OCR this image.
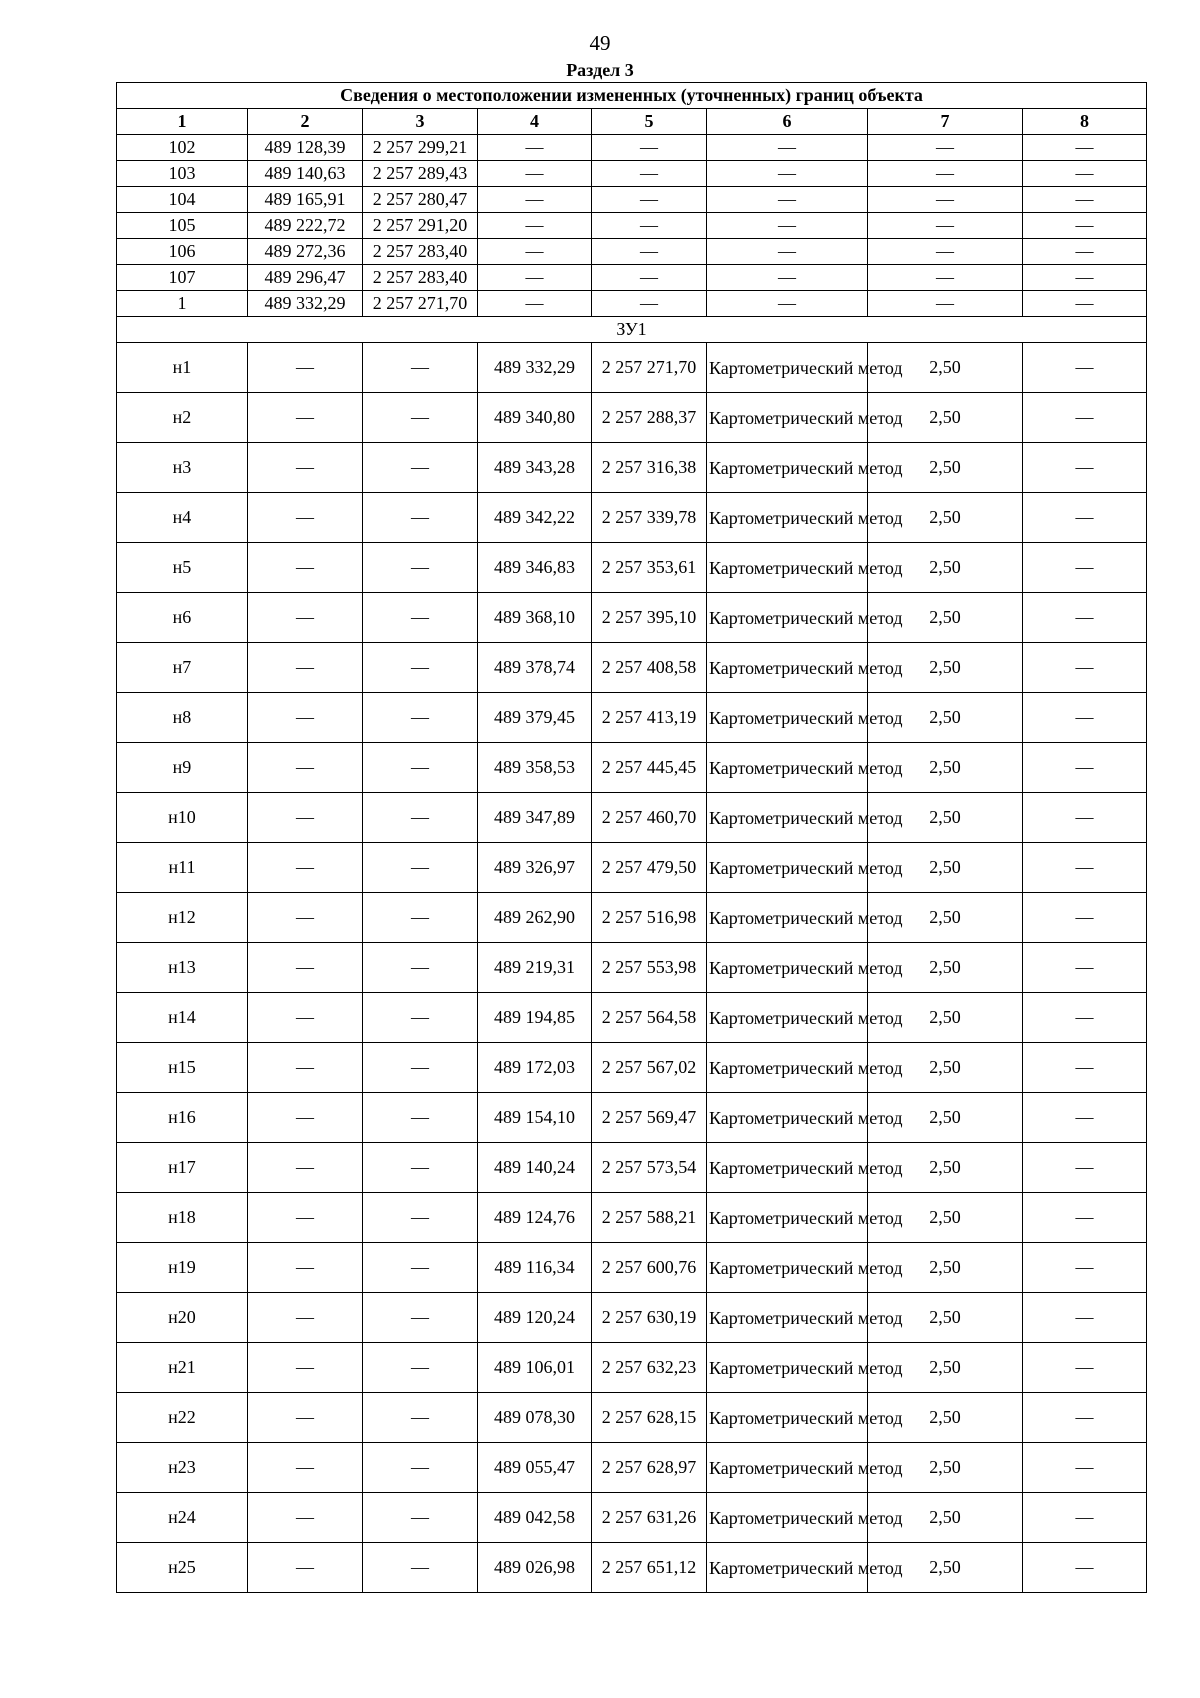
49
Раздел 3
Сведения о местоположении измененных (уточненных) границ объекта							
1	2	3	4	5	6	7	8
102	489 128,39	2 257 299,21	—	—	—	—	—
103	489 140,63	2 257 289,43	—	—	—	—	—
104	489 165,91	2 257 280,47	—	—	—	—	—
105	489 222,72	2 257 291,20	—	—	—	—	—
106	489 272,36	2 257 283,40	—	—	—	—	—
107	489 296,47	2 257 283,40	—	—	—	—	—
1	489 332,29	2 257 271,70	—	—	—	—	—
ЗУ1							
н1	—	—	489 332,29	2 257 271,70	Картометрический метод	2,50	—
н2	—	—	489 340,80	2 257 288,37	Картометрический метод	2,50	—
н3	—	—	489 343,28	2 257 316,38	Картометрический метод	2,50	—
н4	—	—	489 342,22	2 257 339,78	Картометрический метод	2,50	—
н5	—	—	489 346,83	2 257 353,61	Картометрический метод	2,50	—
н6	—	—	489 368,10	2 257 395,10	Картометрический метод	2,50	—
н7	—	—	489 378,74	2 257 408,58	Картометрический метод	2,50	—
н8	—	—	489 379,45	2 257 413,19	Картометрический метод	2,50	—
н9	—	—	489 358,53	2 257 445,45	Картометрический метод	2,50	—
н10	—	—	489 347,89	2 257 460,70	Картометрический метод	2,50	—
н11	—	—	489 326,97	2 257 479,50	Картометрический метод	2,50	—
н12	—	—	489 262,90	2 257 516,98	Картометрический метод	2,50	—
н13	—	—	489 219,31	2 257 553,98	Картометрический метод	2,50	—
н14	—	—	489 194,85	2 257 564,58	Картометрический метод	2,50	—
н15	—	—	489 172,03	2 257 567,02	Картометрический метод	2,50	—
н16	—	—	489 154,10	2 257 569,47	Картометрический метод	2,50	—
н17	—	—	489 140,24	2 257 573,54	Картометрический метод	2,50	—
н18	—	—	489 124,76	2 257 588,21	Картометрический метод	2,50	—
н19	—	—	489 116,34	2 257 600,76	Картометрический метод	2,50	—
н20	—	—	489 120,24	2 257 630,19	Картометрический метод	2,50	—
н21	—	—	489 106,01	2 257 632,23	Картометрический метод	2,50	—
н22	—	—	489 078,30	2 257 628,15	Картометрический метод	2,50	—
н23	—	—	489 055,47	2 257 628,97	Картометрический метод	2,50	—
н24	—	—	489 042,58	2 257 631,26	Картометрический метод	2,50	—
н25	—	—	489 026,98	2 257 651,12	Картометрический метод	2,50	—
